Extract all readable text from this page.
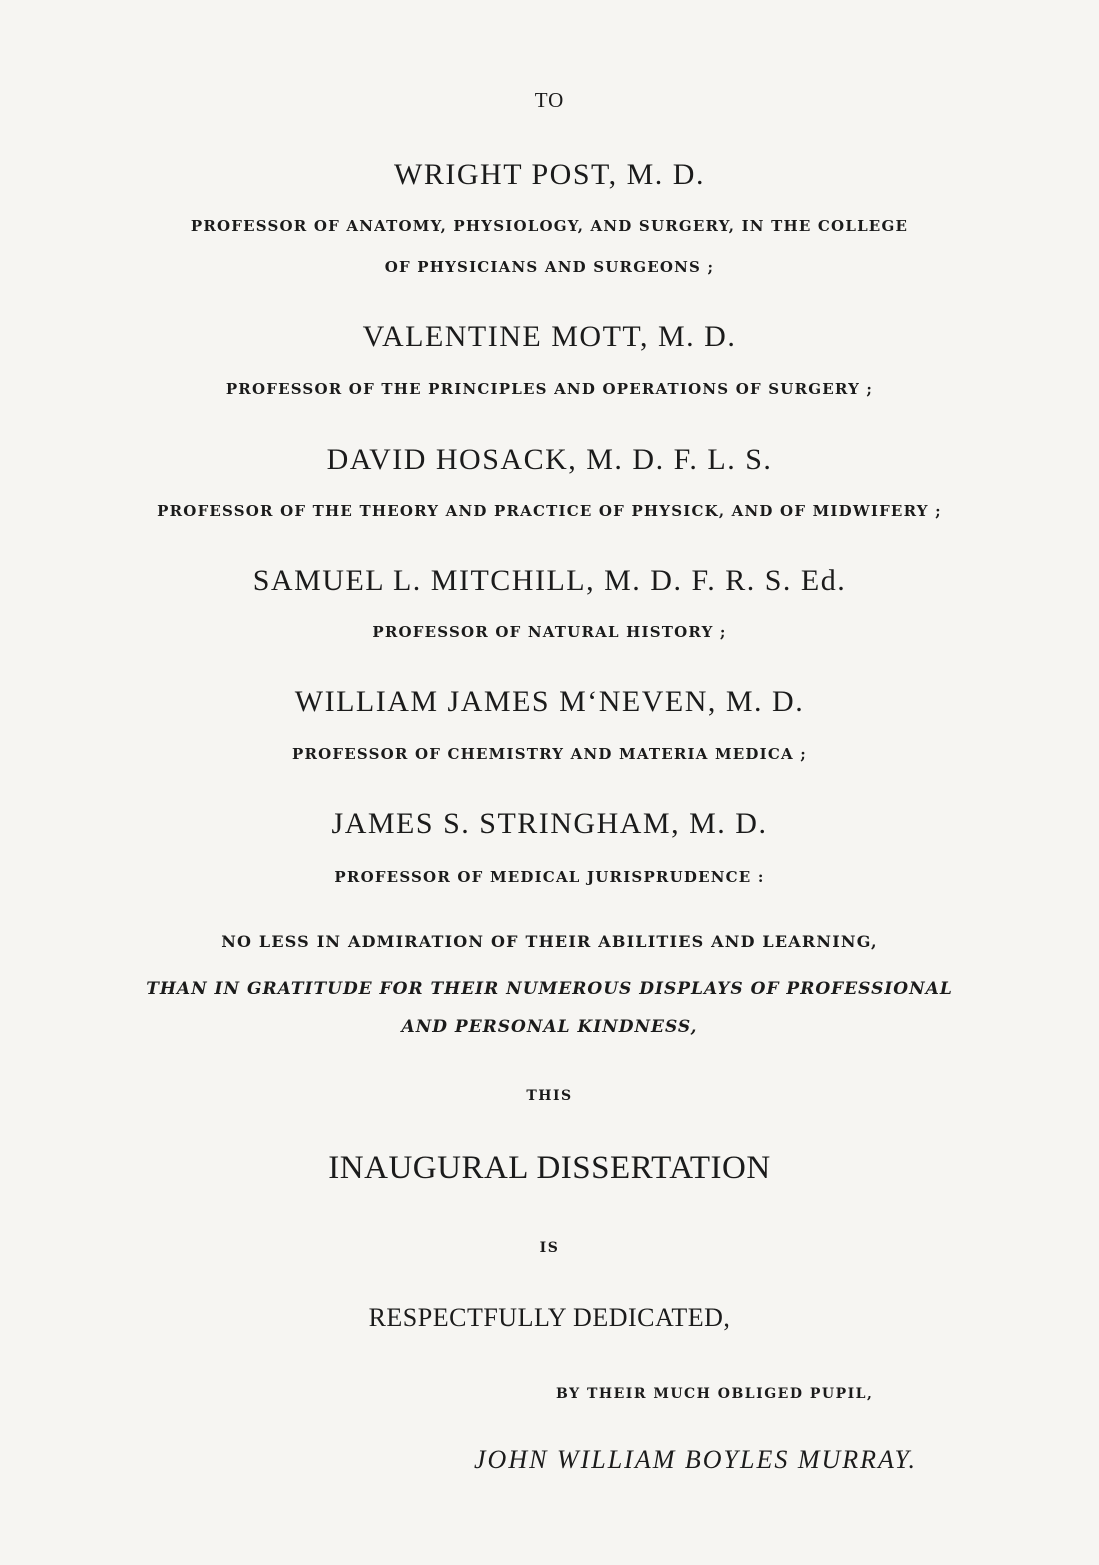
TO
WRIGHT POST, M. D.
PROFESSOR OF ANATOMY, PHYSIOLOGY, AND SURGERY, IN THE COLLEGE
OF PHYSICIANS AND SURGEONS ;
VALENTINE MOTT, M. D.
PROFESSOR OF THE PRINCIPLES AND OPERATIONS OF SURGERY ;
DAVID HOSACK, M. D. F. L. S.
PROFESSOR OF THE THEORY AND PRACTICE OF PHYSICK, AND OF MIDWIFERY ;
SAMUEL L. MITCHILL, M. D. F. R. S. Ed.
PROFESSOR OF NATURAL HISTORY ;
WILLIAM JAMES M‘NEVEN, M. D.
PROFESSOR OF CHEMISTRY AND MATERIA MEDICA ;
JAMES S. STRINGHAM, M. D.
PROFESSOR OF MEDICAL JURISPRUDENCE :
NO LESS IN ADMIRATION OF THEIR ABILITIES AND LEARNING,
THAN IN GRATITUDE FOR THEIR NUMEROUS DISPLAYS OF PROFESSIONAL
AND PERSONAL KINDNESS,
THIS
INAUGURAL DISSERTATION
IS
RESPECTFULLY DEDICATED,
BY THEIR MUCH OBLIGED PUPIL,
JOHN WILLIAM BOYLES MURRAY.
